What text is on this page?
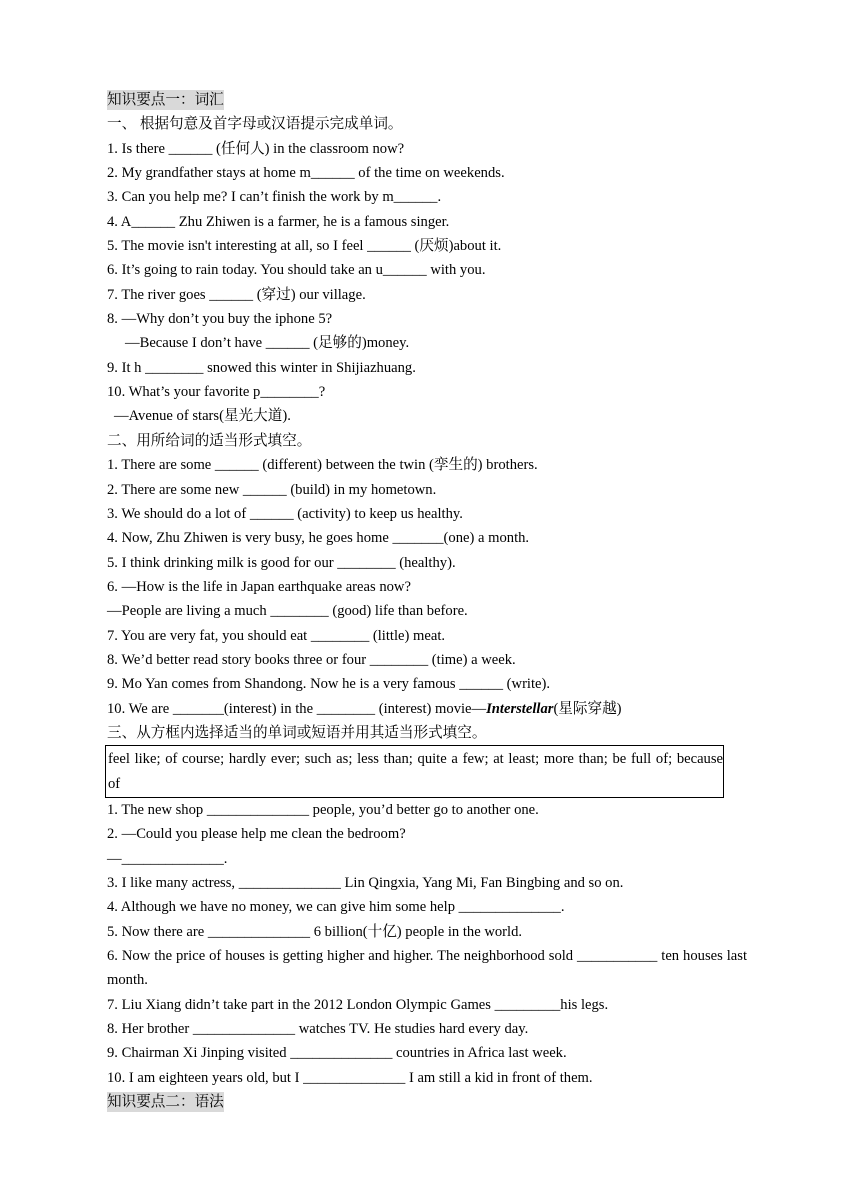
知识要点一：词汇
一、 根据句意及首字母或汉语提示完成单词。
1. Is there ______ (任何人) in the classroom now?
2. My grandfather stays at home m______ of the time on weekends.
3. Can you help me? I can’t finish the work by m______.
4. A______ Zhu Zhiwen is a farmer, he is a famous singer.
5. The movie isn't interesting at all, so I feel ______ (厌烦)about it.
6. It’s going to rain today. You should take an u______ with you.
7. The river goes ______ (穿过) our village.
8. —Why don’t you buy the iphone 5?
—Because I don’t have ______ (足够的)money.
9. It h ________ snowed this winter in Shijiazhuang.
10. What’s your favorite p________?
—Avenue of stars(星光大道).
二、用所给词的适当形式填空。
1. There are some ______ (different) between the twin (孪生的) brothers.
2. There are some new ______ (build) in my hometown.
3. We should do a lot of ______ (activity) to keep us healthy.
4. Now, Zhu Zhiwen is very busy, he goes home _______(one) a month.
5. I think drinking milk is good for our ________ (healthy).
6. —How is the life in Japan earthquake areas now?
—People are living a much ________ (good) life than before.
7. You are very fat, you should eat ________ (little) meat.
8. We’d better read story books three or four ________ (time) a week.
9. Mo Yan comes from Shandong. Now he is a very famous ______ (write).
10. We are _______(interest) in the ________ (interest) movie—Interstellar(星际穿越)
三、从方框内选择适当的单词或短语并用其适当形式填空。
feel like; of course; hardly ever; such as; less than; quite a few; at least; more than; be full of; because of
1. The new shop ______________ people, you’d better go to another one.
2. —Could you please help me clean the bedroom?
—______________.
3. I like many actress, ______________ Lin Qingxia, Yang Mi, Fan Bingbing and so on.
4. Although we have no money, we can give him some help ______________.
5. Now there are ______________ 6 billion(十亿) people in the world.
6. Now the price of houses is getting higher and higher. The neighborhood sold ___________ ten houses last month.
7. Liu Xiang didn’t take part in the 2012 London Olympic Games _________his legs.
8. Her brother ______________ watches TV. He studies hard every day.
9. Chairman Xi Jinping visited ______________ countries in Africa last week.
10. I am eighteen years old, but I ______________ I am still a kid in front of them.
知识要点二：语法
